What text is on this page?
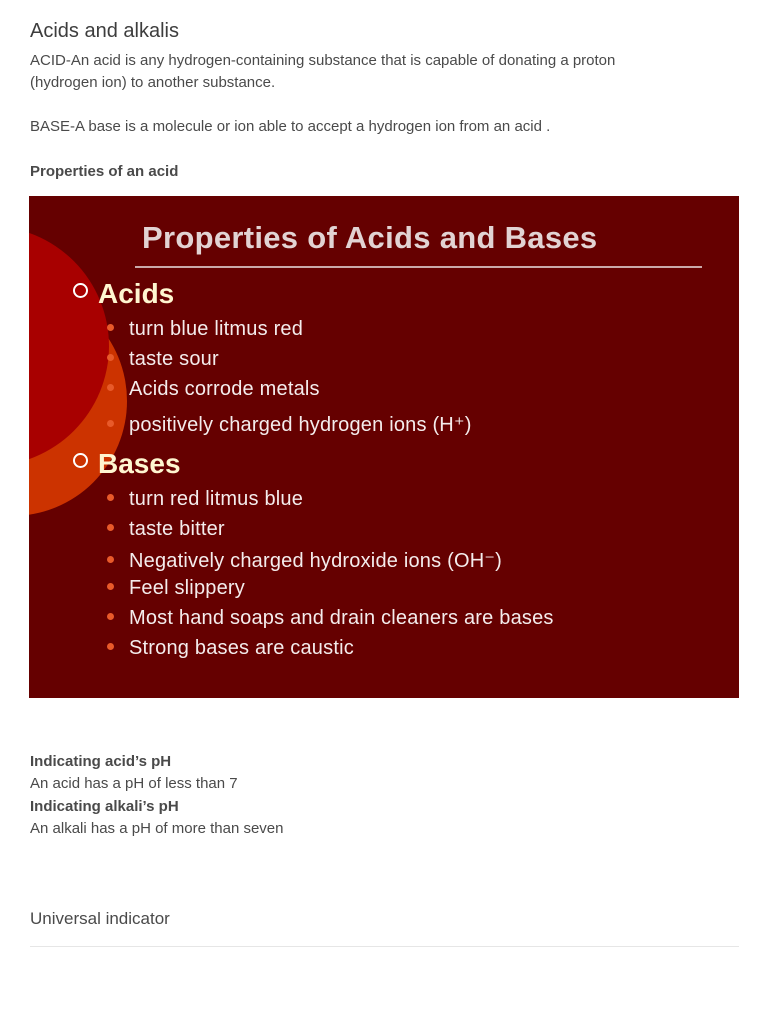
Acids and alkalis

ACID-An acid is any hydrogen-containing substance that is capable of donating a proton
(hydrogen ion) to another substance.

BASE-A base is a molecule or ion able to accept a hydrogen ion from an acid .

Properties of an acid

Properties of Acids and Bases
Acids
turn blue litmus red
taste sour
Acids corrode metals
positively charged hydrogen ions (H⁺)
Bases
turn red litmus blue
taste bitter
Negatively charged hydroxide ions (OH⁻)
Feel slippery
Most hand soaps and drain cleaners are bases
Strong bases are caustic

Indicating acid’s pH

An acid has a pH of less than 7

Indicating alkali’s pH

An alkali has a pH of more than seven

Universal indicator
